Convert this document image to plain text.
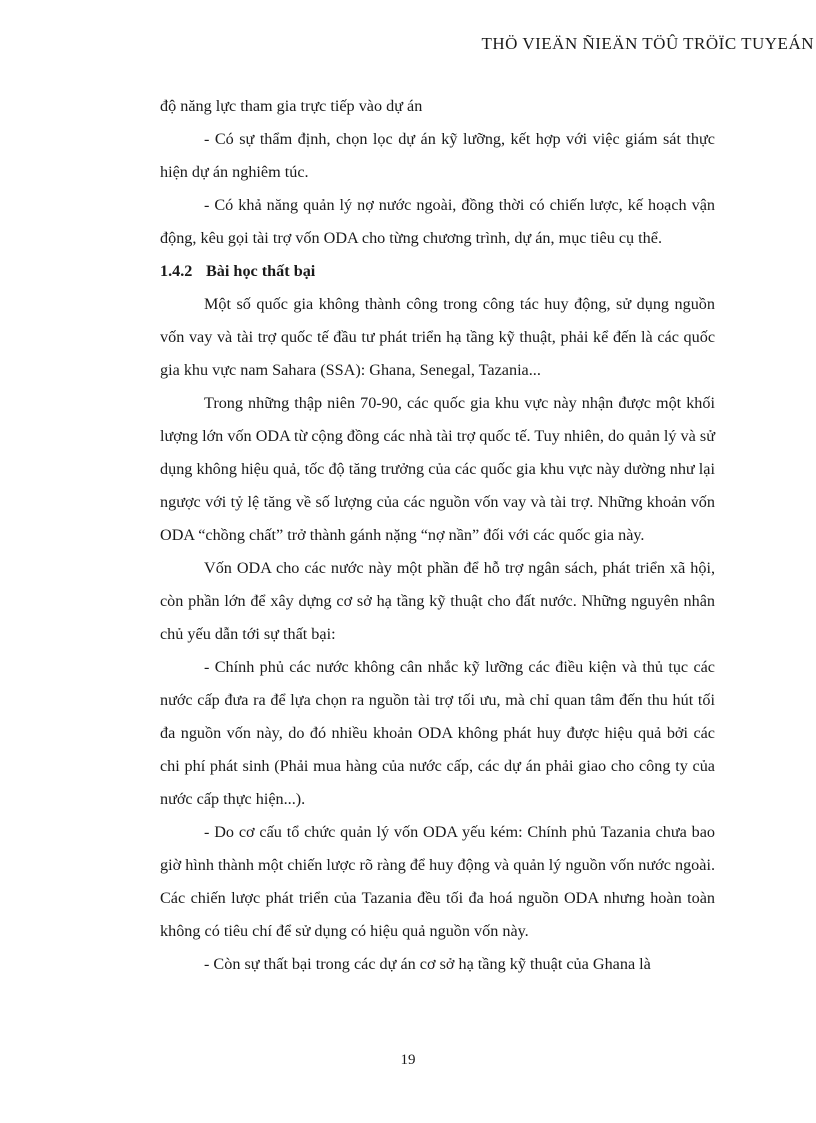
THÖ VIEÄN ÑIEÄN TÖÛ TRÖÏC TUYEÁN

độ năng lực tham gia trực tiếp vào dự án

- Có sự thẩm định, chọn lọc dự án kỹ lưỡng, kết hợp với việc giám sát thực hiện dự án nghiêm túc.

- Có khả năng quản lý nợ nước ngoài, đồng thời có chiến lược, kế hoạch vận động, kêu gọi tài trợ vốn ODA cho từng chương trình, dự án, mục tiêu cụ thể.

1.4.2 Bài học thất bại

Một số quốc gia không thành công trong công tác huy động, sử dụng nguồn vốn vay và tài trợ quốc tế đầu tư phát triển hạ tầng kỹ thuật, phải kể đến là các quốc gia khu vực nam Sahara (SSA): Ghana, Senegal, Tazania...

Trong những thập niên 70-90, các quốc gia khu vực này nhận được một khối lượng lớn vốn ODA từ cộng đồng các nhà tài trợ quốc tế. Tuy nhiên, do quản lý và sử dụng không hiệu quả, tốc độ tăng trưởng của các quốc gia khu vực này dường như lại ngược với tỷ lệ tăng về số lượng của các nguồn vốn vay và tài trợ. Những khoản vốn ODA “chồng chất” trở thành gánh nặng “nợ nần” đối với các quốc gia này.

Vốn ODA cho các nước này một phần để hỗ trợ ngân sách, phát triển xã hội, còn phần lớn để xây dựng cơ sở hạ tầng kỹ thuật cho đất nước. Những nguyên nhân chủ yếu dẫn tới sự thất bại:

- Chính phủ các nước không cân nhắc kỹ lưỡng các điều kiện và thủ tục các nước cấp đưa ra để lựa chọn ra nguồn tài trợ tối ưu, mà chỉ quan tâm đến thu hút tối đa nguồn vốn này, do đó nhiều khoản ODA không phát huy được hiệu quả bởi các chi phí phát sinh (Phải mua hàng của nước cấp, các dự án phải giao cho công ty của nước cấp thực hiện...).

- Do cơ cấu tổ chức quản lý vốn ODA yếu kém: Chính phủ Tazania chưa bao giờ hình thành một chiến lược rõ ràng để huy động và quản lý nguồn vốn nước ngoài. Các chiến lược phát triển của Tazania đều tối đa hoá nguồn ODA nhưng hoàn toàn không có tiêu chí để sử dụng có hiệu quả nguồn vốn này.

- Còn sự thất bại trong các dự án cơ sở hạ tầng kỹ thuật của Ghana là

19
